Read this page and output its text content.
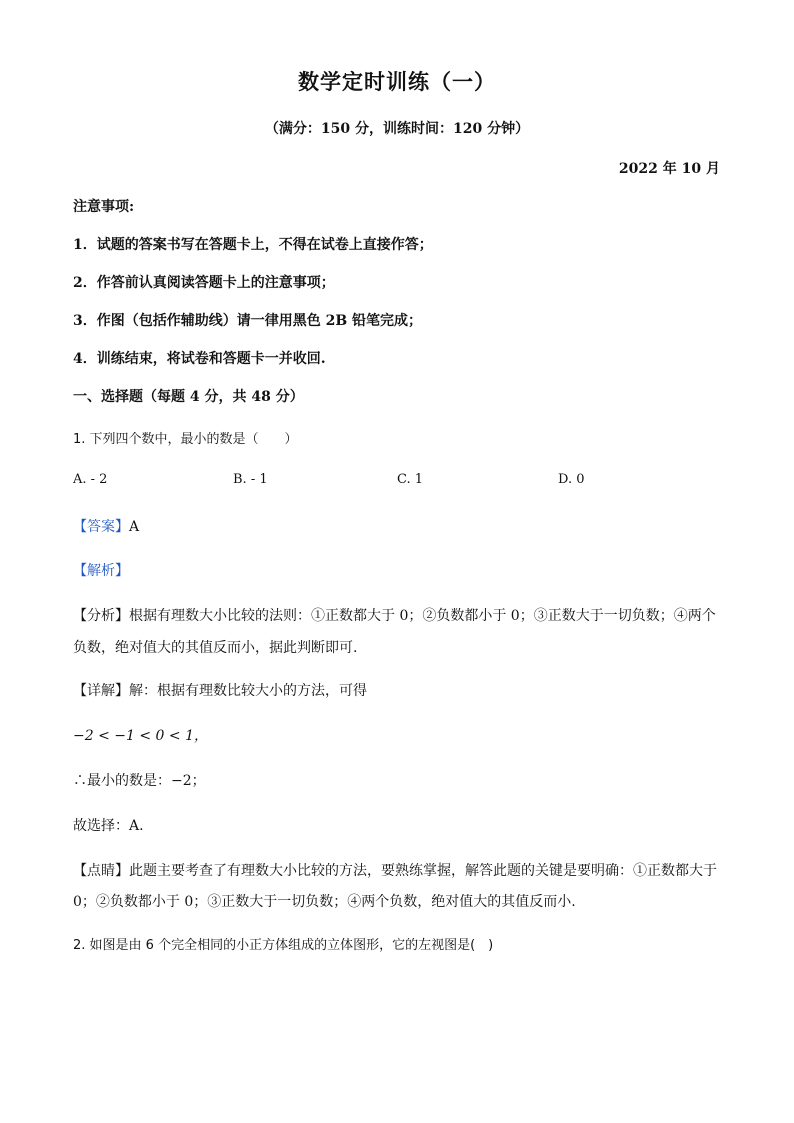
数学定时训练（一）
（满分：150 分，训练时间：120 分钟）
2022 年 10 月
注意事项:
1．试题的答案书写在答题卡上，不得在试卷上直接作答；
2．作答前认真阅读答题卡上的注意事项；
3．作图（包括作辅助线）请一律用黑色 2B 铅笔完成；
4．训练结束，将试卷和答题卡一并收回.
一、选择题（每题 4 分，共 48 分）
1. 下列四个数中，最小的数是（　　）
A. - 2	B. - 1	C. 1	D. 0
【答案】A
【解析】
【分析】根据有理数大小比较的法则：①正数都大于 0；②负数都小于 0；③正数大于一切负数；④两个
负数，绝对值大的其值反而小，据此判断即可.
【详解】解：根据有理数比较大小的方法，可得
−2 < −1 < 0 < 1，
∴最小的数是：−2；
故选择：A.
【点睛】此题主要考查了有理数大小比较的方法，要熟练掌握，解答此题的关键是要明确：①正数都大于
0；②负数都小于 0；③正数大于一切负数；④两个负数，绝对值大的其值反而小.
2. 如图是由 6 个完全相同的小正方体组成的立体图形，它的左视图是(　)
